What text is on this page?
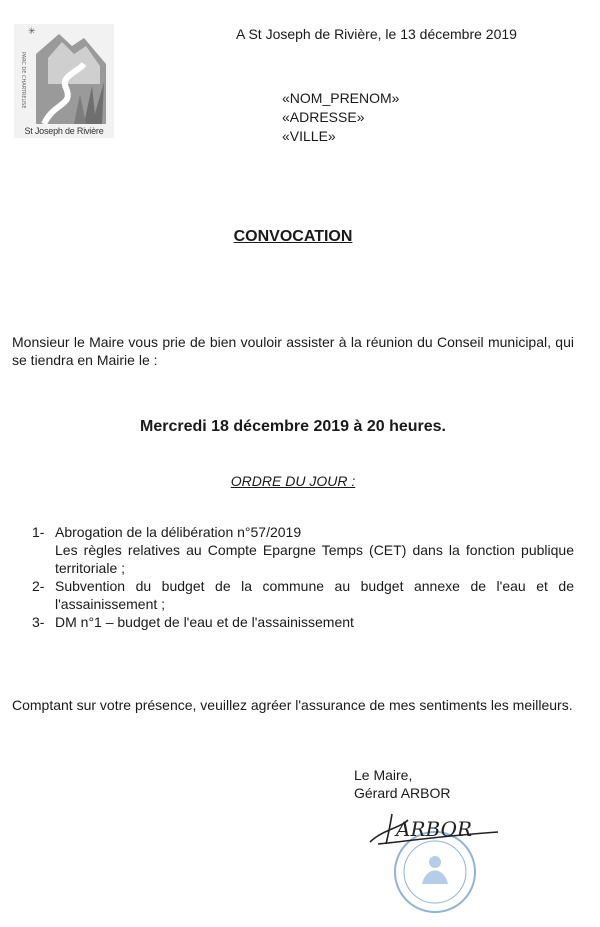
✳
PARC DE CHARTREUSE
St Joseph de Rivière
A St Joseph de Rivière, le 13 décembre 2019
«NOM_PRENOM»
«ADRESSE»
«VILLE»
CONVOCATION
Monsieur le Maire vous prie de bien vouloir assister à la réunion du Conseil municipal, qui se tiendra en Mairie le :
Mercredi 18 décembre 2019 à 20 heures.
ORDRE DU JOUR :
1- Abrogation de la délibération n°57/2019
Les règles relatives au Compte Epargne Temps (CET) dans la fonction publique territoriale ;
2- Subvention du budget de la commune au budget annexe de l'eau et de l'assainissement ;
3- DM n°1 – budget de l'eau et de l'assainissement
Comptant sur votre présence, veuillez agréer l'assurance de mes sentiments les meilleurs.
Le Maire,
Gérard ARBOR
ARBOR
